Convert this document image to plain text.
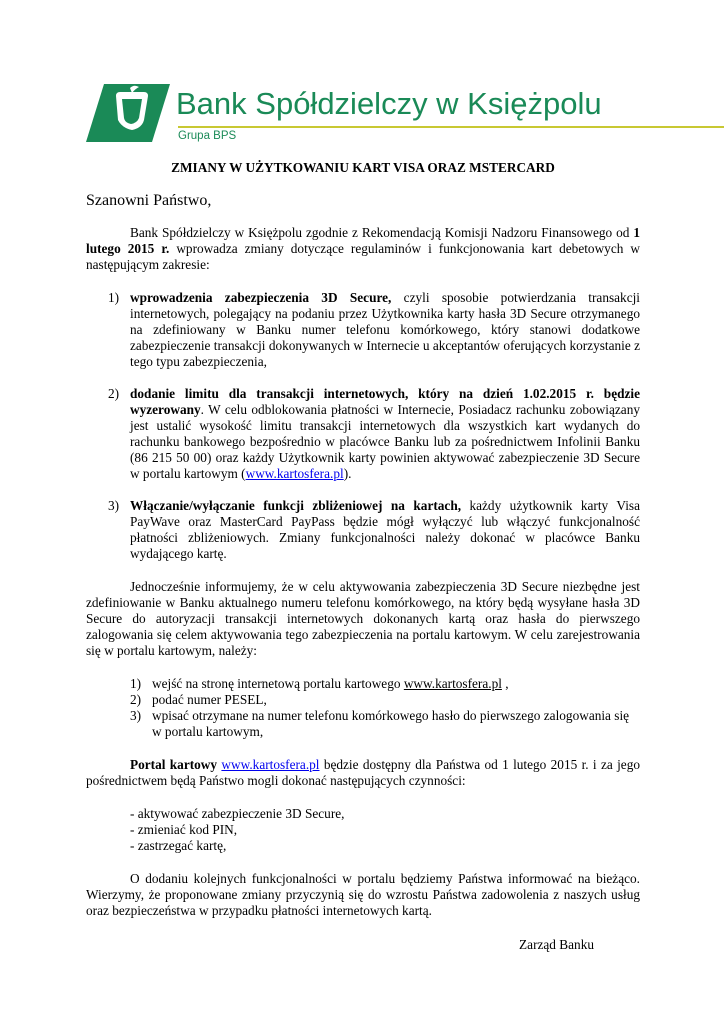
Bank Spółdzielczy w Księżpolu
Grupa BPS

ZMIANY W UŻYTKOWANIU KART VISA ORAZ MSTERCARD

Szanowni Państwo,

Bank Spółdzielczy w Księżpolu zgodnie z Rekomendacją Komisji Nadzoru Finansowego od 1 lutego 2015 r. wprowadza zmiany dotyczące regulaminów i funkcjonowania kart debetowych w następującym zakresie:

1) wprowadzenia zabezpieczenia 3D Secure, czyli sposobie potwierdzania transakcji internetowych, polegający na podaniu przez Użytkownika karty hasła 3D Secure otrzymanego na zdefiniowany w Banku numer telefonu komórkowego, który stanowi dodatkowe zabezpieczenie transakcji dokonywanych w Internecie u akceptantów oferujących korzystanie z tego typu zabezpieczenia,
2) dodanie limitu dla transakcji internetowych, który na dzień 1.02.2015 r. będzie wyzerowany. W celu odblokowania płatności w Internecie, Posiadacz rachunku zobowiązany jest ustalić wysokość limitu transakcji internetowych dla wszystkich kart wydanych do rachunku bankowego bezpośrednio w placówce Banku lub za pośrednictwem Infolinii Banku (86 215 50 00) oraz każdy Użytkownik karty powinien aktywować zabezpieczenie 3D Secure w portalu kartowym (www.kartosfera.pl).
3) Włączanie/wyłączanie funkcji zbliżeniowej na kartach, każdy użytkownik karty Visa PayWave oraz MasterCard PayPass będzie mógł wyłączyć lub włączyć funkcjonalność płatności zbliżeniowych. Zmiany funkcjonalności należy dokonać w placówce Banku wydającego kartę.

Jednocześnie informujemy, że w celu aktywowania zabezpieczenia 3D Secure niezbędne jest zdefiniowanie w Banku aktualnego numeru telefonu komórkowego, na który będą wysyłane hasła 3D Secure do autoryzacji transakcji internetowych dokonanych kartą oraz hasła do pierwszego zalogowania się celem aktywowania tego zabezpieczenia na portalu kartowym. W celu zarejestrowania się w portalu kartowym, należy:

1) wejść na stronę internetową portalu kartowego www.kartosfera.pl ,
2) podać numer PESEL,
3) wpisać otrzymane na numer telefonu komórkowego hasło do pierwszego zalogowania się w portalu kartowym,

Portal kartowy www.kartosfera.pl będzie dostępny dla Państwa od 1 lutego 2015 r. i za jego pośrednictwem będą Państwo mogli dokonać następujących czynności:

- aktywować zabezpieczenie 3D Secure,
- zmieniać kod PIN,
- zastrzegać kartę,

O dodaniu kolejnych funkcjonalności w portalu będziemy Państwa informować na bieżąco. Wierzymy, że proponowane zmiany przyczynią się do wzrostu Państwa zadowolenia z naszych usług oraz bezpieczeństwa w przypadku płatności internetowych kartą.

Zarząd Banku
